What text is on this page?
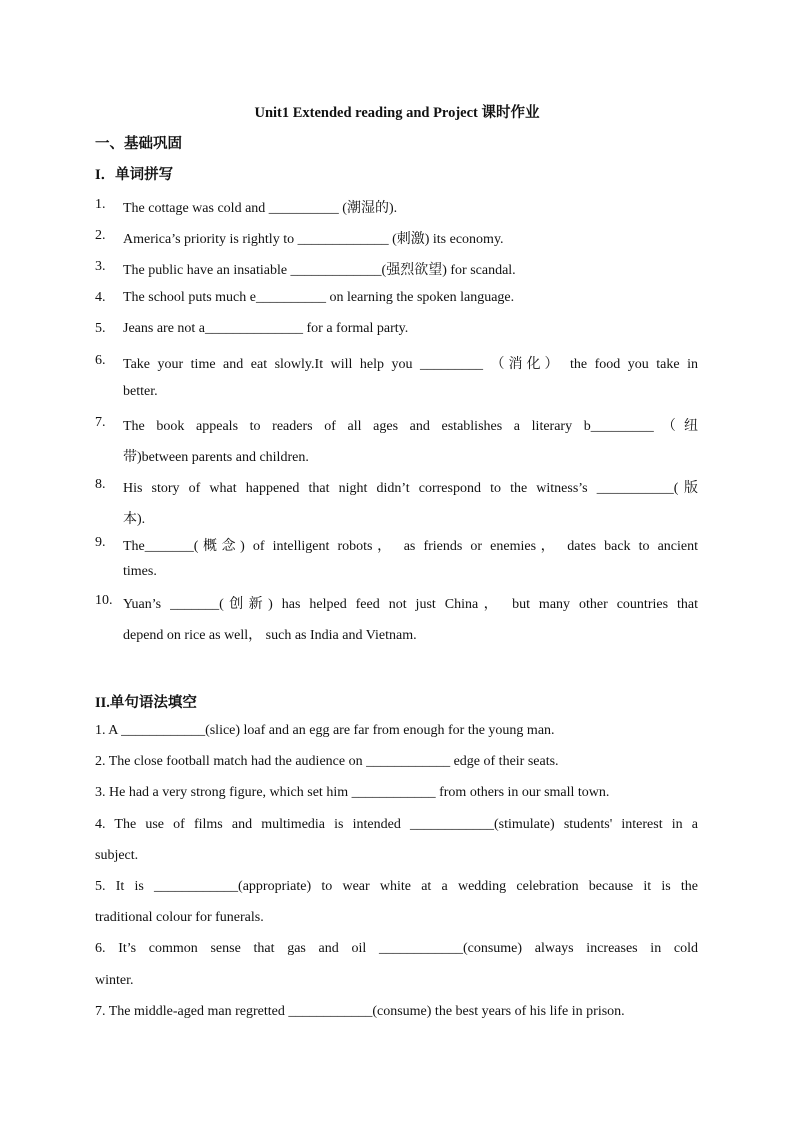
Unit1 Extended reading and Project 课时作业
一、基础巩固
I．单词拼写
1. The cottage was cold and __________ (潮湿的).
2. America’s priority is rightly to _____________ (刺激) its economy.
3. The public have an insatiable _____________(强烈欲望) for scandal.
4. The school puts much e__________ on learning the spoken language.
5. Jeans are not a______________ for a formal party.
6. Take your time and eat slowly.It will help you _________ （消化） the food you take in
better.
7. The book appeals to readers of all ages and establishes a literary b_________（纽
带)between parents and children.
8. His story of what happened that night didn’t correspond to the witness’s ___________(版
本).
9. The_______(概念) of intelligent robots， as friends or enemies， dates back to ancient
times.
10. Yuan’s _______(创新) has helped feed not just China， but many other countries that
depend on rice as well， such as India and Vietnam.
II.单句语法填空
1. A ____________(slice) loaf and an egg are far from enough for the young man.
2. The close football match had the audience on ____________ edge of their seats.
3. He had a very strong figure, which set him ____________ from others in our small town.
4. The use of films and multimedia is intended ____________(stimulate) students' interest in a
subject.
5. It is ____________(appropriate) to wear white at a wedding celebration because it is the
traditional colour for funerals.
6. It’s common sense that gas and oil ____________(consume) always increases in cold
winter.
7. The middle-aged man regretted ____________(consume) the best years of his life in prison.
